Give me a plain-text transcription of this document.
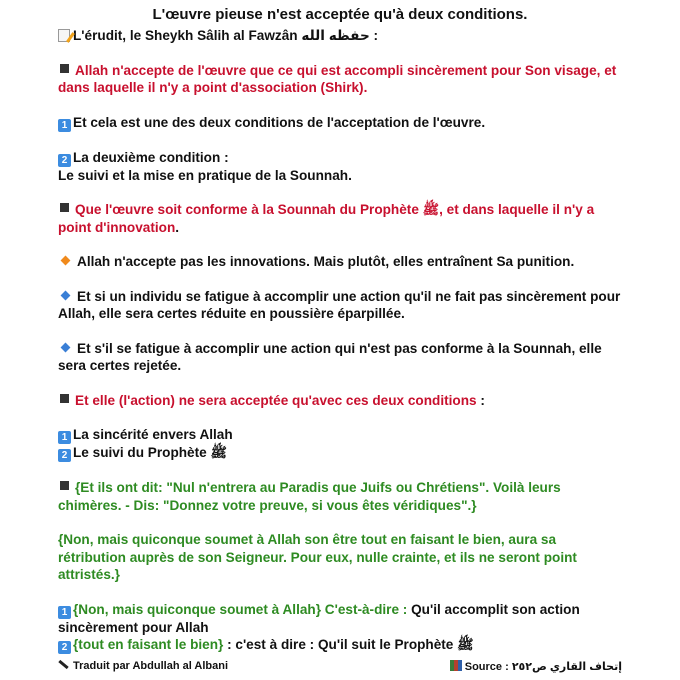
L'œuvre pieuse n'est acceptée qu'à deux conditions.

L'érudit, le Sheykh Sâlih al Fawzân حفظه الله :

Allah n'accepte de l'œuvre que ce qui est accompli sincèrement pour Son visage, et dans laquelle il n'y a point d'association (Shirk).

1 Et cela est une des deux conditions de l'acceptation de l'œuvre.

2 La deuxième condition :
Le suivi et la mise en pratique de la Sounnah.

Que l'œuvre soit conforme à la Sounnah du Prophète ﷺ, et dans laquelle il n'y a point d'innovation.

Allah n'accepte pas les innovations. Mais plutôt, elles entraînent Sa punition.

Et si un individu se fatigue à accomplir une action qu'il ne fait pas sincèrement pour Allah, elle sera certes réduite en poussière éparpillée.

Et s'il se fatigue à accomplir une action qui n'est pas conforme à la Sounnah, elle sera certes rejetée.

Et elle (l'action) ne sera acceptée qu'avec ces deux conditions :

1 La sincérité envers Allah
2 Le suivi du Prophète ﷺ

{Et ils ont dit: "Nul n'entrera au Paradis que Juifs ou Chrétiens". Voilà leurs chimères. - Dis: "Donnez votre preuve, si vous êtes véridiques".}

{Non, mais quiconque soumet à Allah son être tout en faisant le bien, aura sa rétribution auprès de son Seigneur. Pour eux, nulle crainte, et ils ne seront point attristés.}

1 {Non, mais quiconque soumet à Allah} C'est-à-dire : Qu'il accomplit son action sincèrement pour Allah
2 {tout en faisant le bien} : c'est à dire : Qu'il suit le Prophète ﷺ

Traduit par Abdullah al Albani	Source : إتحاف القاري ص٢٥٢
